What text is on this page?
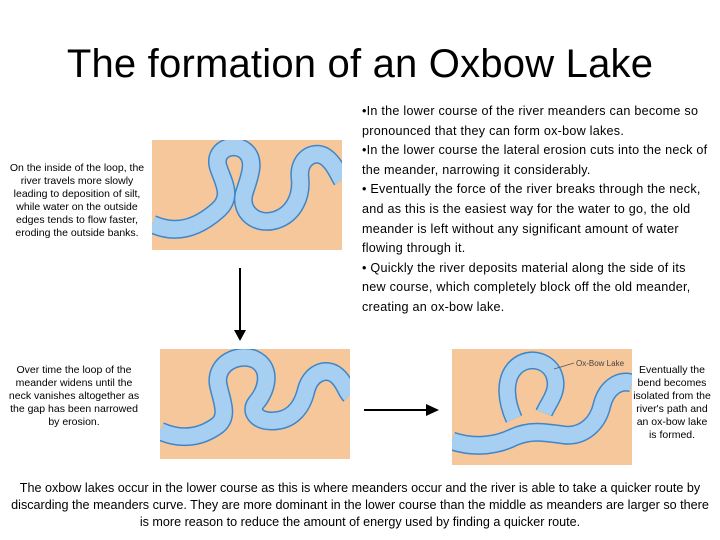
The formation of an Oxbow Lake
On the inside of the loop, the river travels more slowly leading to deposition of silt, while water on the outside edges tends to flow faster, eroding the outside banks.
Over time the loop of the meander widens until the neck vanishes altogether as the gap has been narrowed by erosion.
Ox-Bow Lake
Eventually the bend becomes isolated from the river's path and an ox-bow lake is formed.

•In the lower course of the river meanders can become so pronounced that they can form ox-bow lakes.

•In the lower course the lateral erosion cuts into the neck of the meander, narrowing it considerably.

• Eventually the force of the river breaks through the neck, and as this is the easiest way for the water to go, the old meander is left without any significant amount of water flowing through it.

• Quickly the river deposits material along the side of its new course, which completely block off the old meander, creating an ox-bow lake.

The oxbow lakes occur in the lower course as this is where meanders occur and the river is able to take a quicker route by discarding the meanders curve. They are more dominant in the lower course than the middle as meanders are larger so there is more reason to reduce the amount of energy used by finding a quicker route.
